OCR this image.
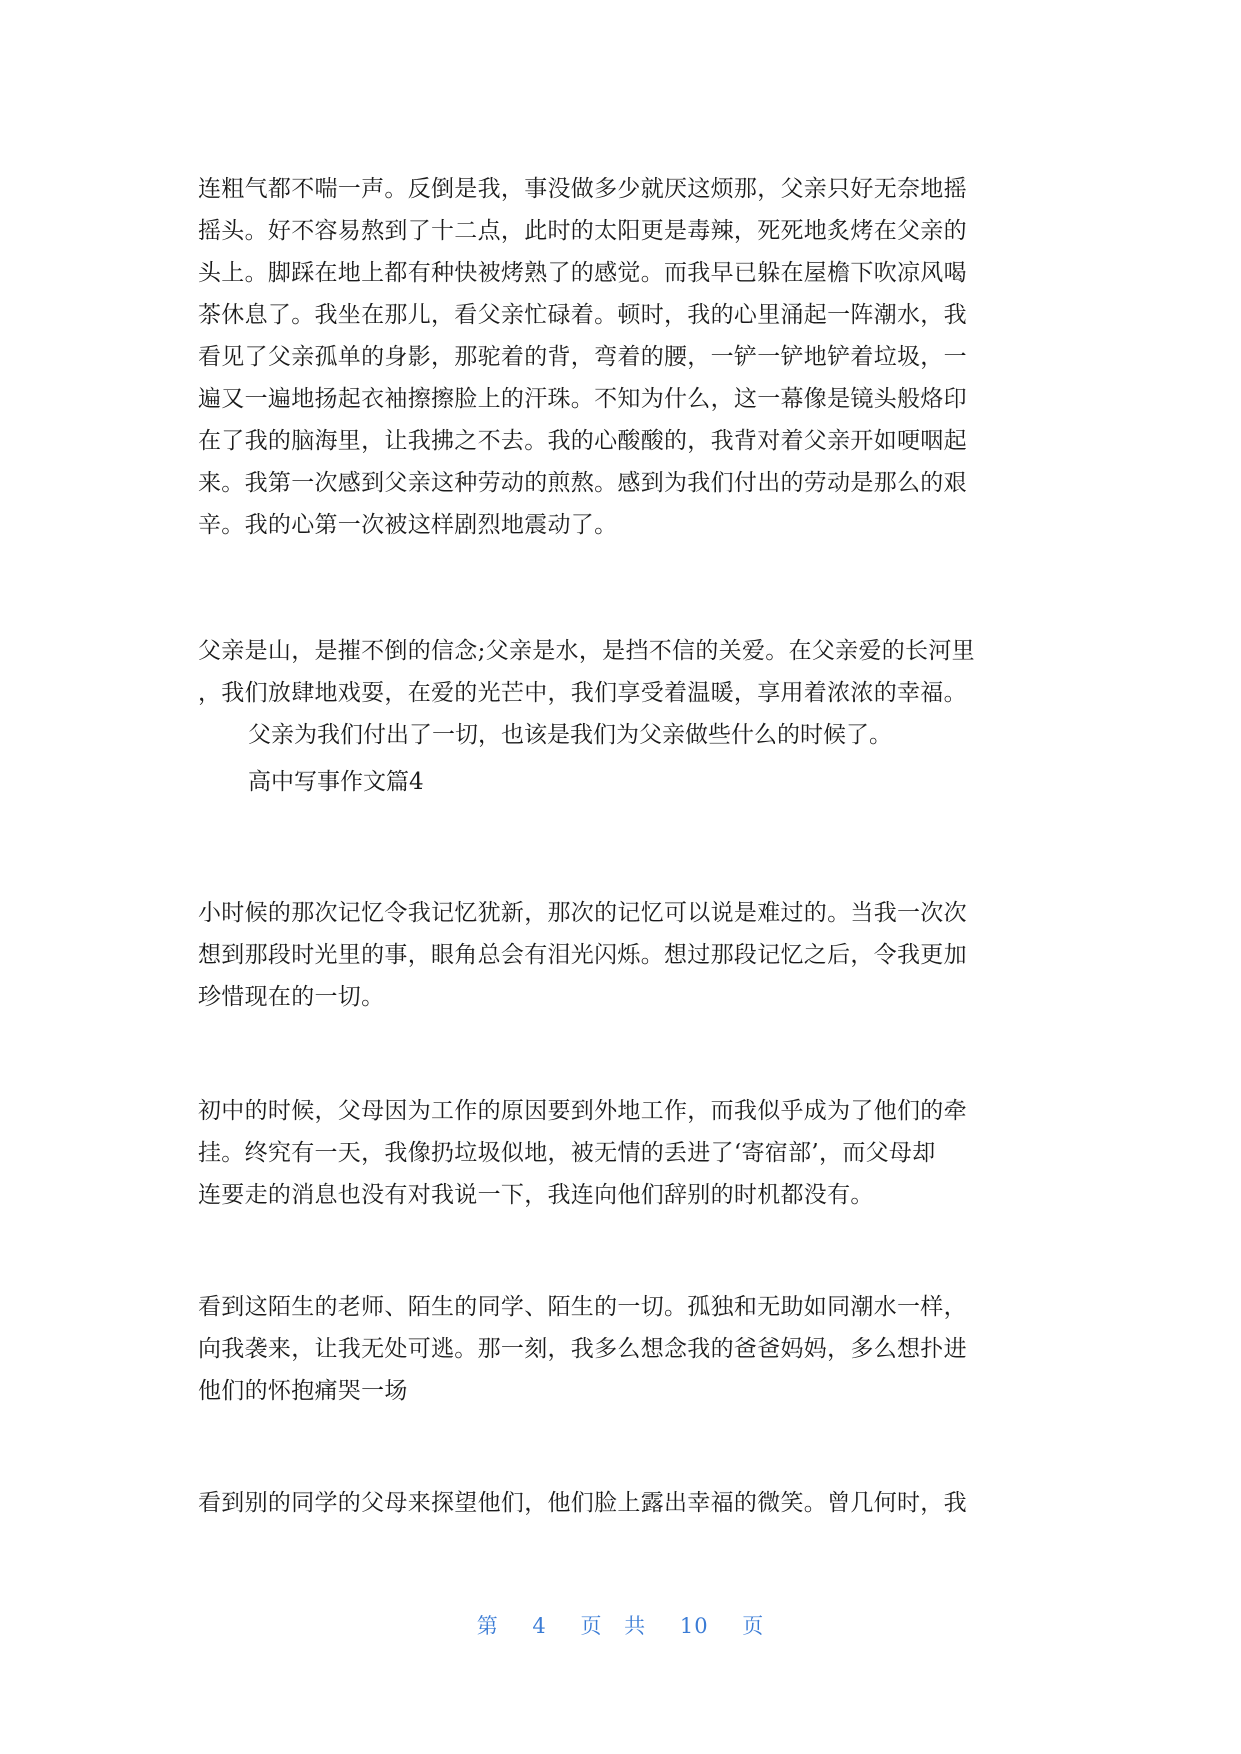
连粗气都不喘一声。反倒是我，事没做多少就厌这烦那，父亲只好无奈地摇
摇头。好不容易熬到了十二点，此时的太阳更是毒辣，死死地炙烤在父亲的
头上。脚踩在地上都有种快被烤熟了的感觉。而我早已躲在屋檐下吹凉风喝
茶休息了。我坐在那儿，看父亲忙碌着。顿时，我的心里涌起一阵潮水，我
看见了父亲孤单的身影，那驼着的背，弯着的腰，一铲一铲地铲着垃圾，一
遍又一遍地扬起衣袖擦擦脸上的汗珠。不知为什么，这一幕像是镜头般烙印
在了我的脑海里，让我拂之不去。我的心酸酸的，我背对着父亲开如哽咽起
来。我第一次感到父亲这种劳动的煎熬。感到为我们付出的劳动是那么的艰
辛。我的心第一次被这样剧烈地震动了。

父亲是山，是摧不倒的信念;父亲是水，是挡不信的关爱。在父亲爱的长河里
，我们放肆地戏耍，在爱的光芒中，我们享受着温暖，享用着浓浓的幸福。

父亲为我们付出了一切，也该是我们为父亲做些什么的时候了。

高中写事作文篇4

小时候的那次记忆令我记忆犹新，那次的记忆可以说是难过的。当我一次次
想到那段时光里的事，眼角总会有泪光闪烁。想过那段记忆之后，令我更加
珍惜现在的一切。

初中的时候，父母因为工作的原因要到外地工作，而我似乎成为了他们的牵
挂。终究有一天，我像扔垃圾似地，被无情的丢进了‘寄宿部’，而父母却
连要走的消息也没有对我说一下，我连向他们辞别的时机都没有。

看到这陌生的老师、陌生的同学、陌生的一切。孤独和无助如同潮水一样，
向我袭来，让我无处可逃。那一刻，我多么想念我的爸爸妈妈，多么想扑进
他们的怀抱痛哭一场

看到别的同学的父母来探望他们，他们脸上露出幸福的微笑。曾几何时，我

第 4 页 共 10 页
